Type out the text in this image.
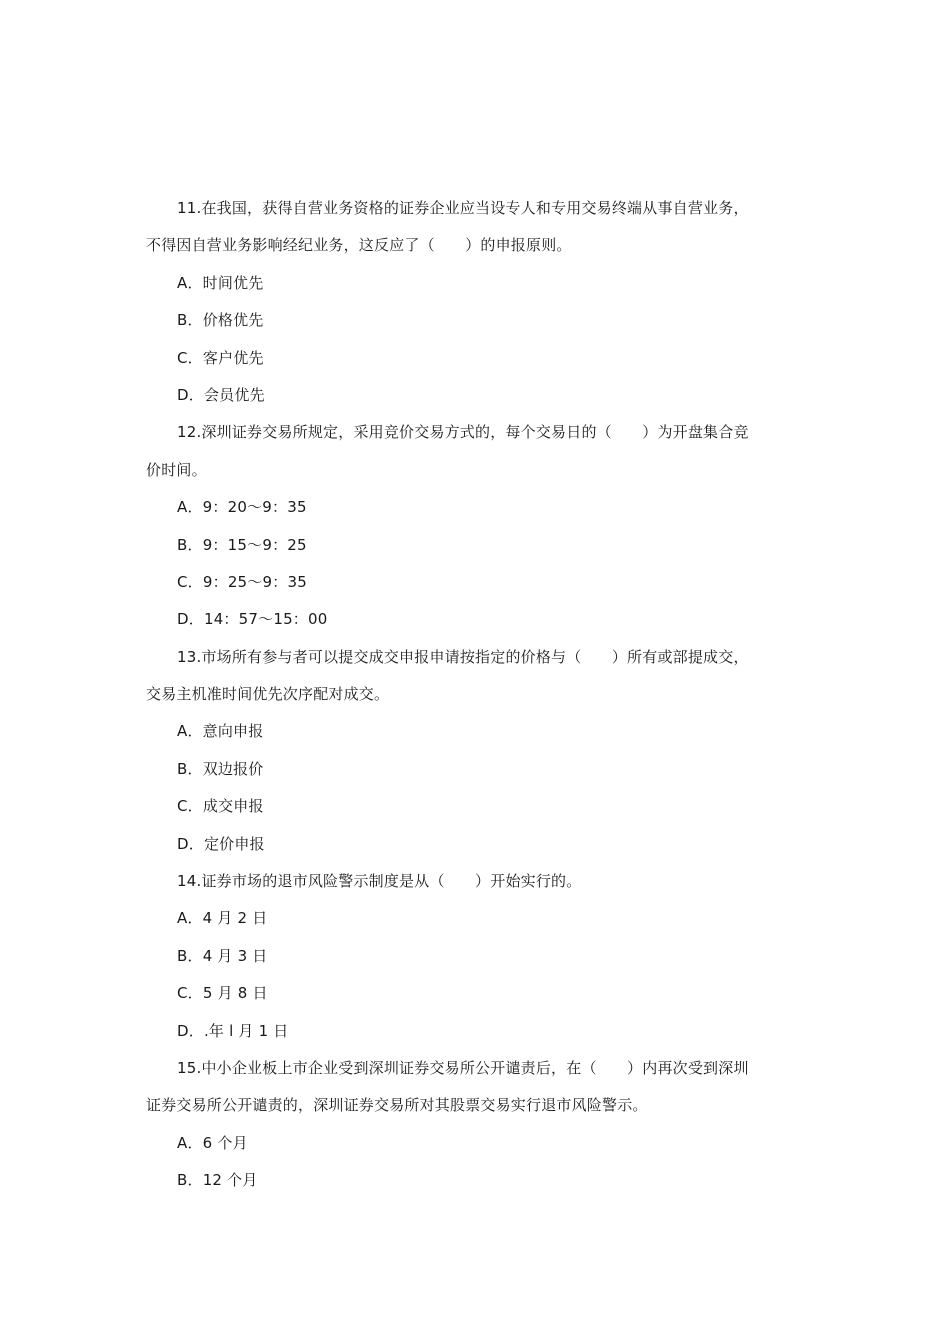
11.在我国，获得自营业务资格的证券企业应当设专人和专用交易终端从事自营业务，
不得因自营业务影响经纪业务，这反应了（　　）的申报原则。
A．时间优先
B．价格优先
C．客户优先
D．会员优先
12.深圳证券交易所规定，采用竞价交易方式的，每个交易日的（　　）为开盘集合竞
价时间。
A．9：20～9：35
B．9：15～9：25
C．9：25～9：35
D．14：57～15：00
13.市场所有参与者可以提交成交申报申请按指定的价格与（　　）所有或部提成交，
交易主机准时间优先次序配对成交。
A．意向申报
B．双边报价
C．成交申报
D．定价申报
14.证券市场的退市风险警示制度是从（　　）开始实行的。
A．4 月 2 日
B．4 月 3 日
C．5 月 8 日
D．.年 l 月 1 日
15.中小企业板上市企业受到深圳证券交易所公开谴责后，在（　　）内再次受到深圳
证券交易所公开谴责的，深圳证券交易所对其股票交易实行退市风险警示。
A．6 个月
B．12 个月
